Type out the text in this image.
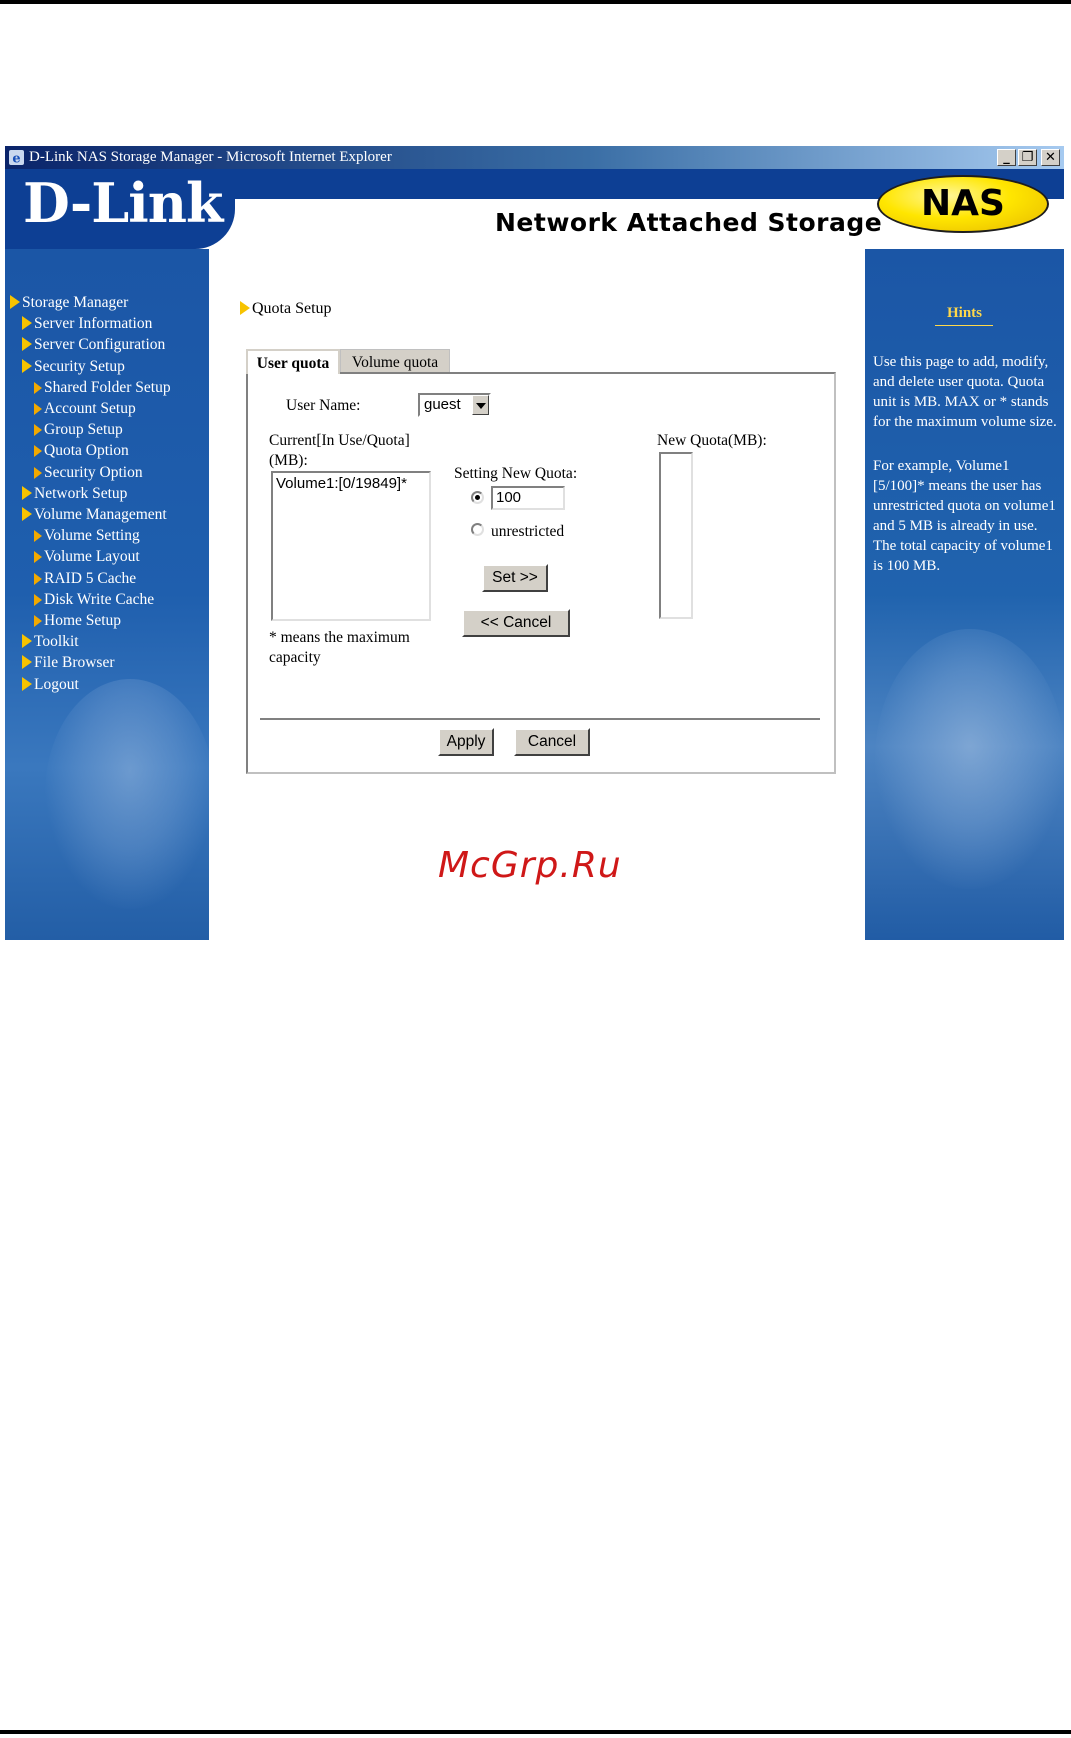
e D-Link NAS Storage Manager - Microsoft Internet Explorer	_ ❐ ✕
D-Link	Network Attached Storage	NAS
Storage Manager
Server Information
Server Configuration
Security Setup
Shared Folder Setup
Account Setup
Group Setup
Quota Option
Security Option
Network Setup
Volume Management
Volume Setting
Volume Layout
RAID 5 Cache
Disk Write Cache
Home Setup
Toolkit
File Browser
Logout
Quota Setup
User quota	Volume quota
User Name:	guest
Current[In Use/Quota]
(MB):
Volume1:[0/19849]*
* means the maximum
capacity
Setting New Quota:
100
unrestricted
Set >>
<< Cancel
New Quota(MB):
Apply	Cancel
Hints
Use this page to add, modify, and delete user quota. Quota unit is MB. MAX or * stands for the maximum volume size.
For example, Volume1 [5/100]* means the user has unrestricted quota on volume1 and 5 MB is already in use. The total capacity of volume1 is 100 MB.
McGrp.Ru
